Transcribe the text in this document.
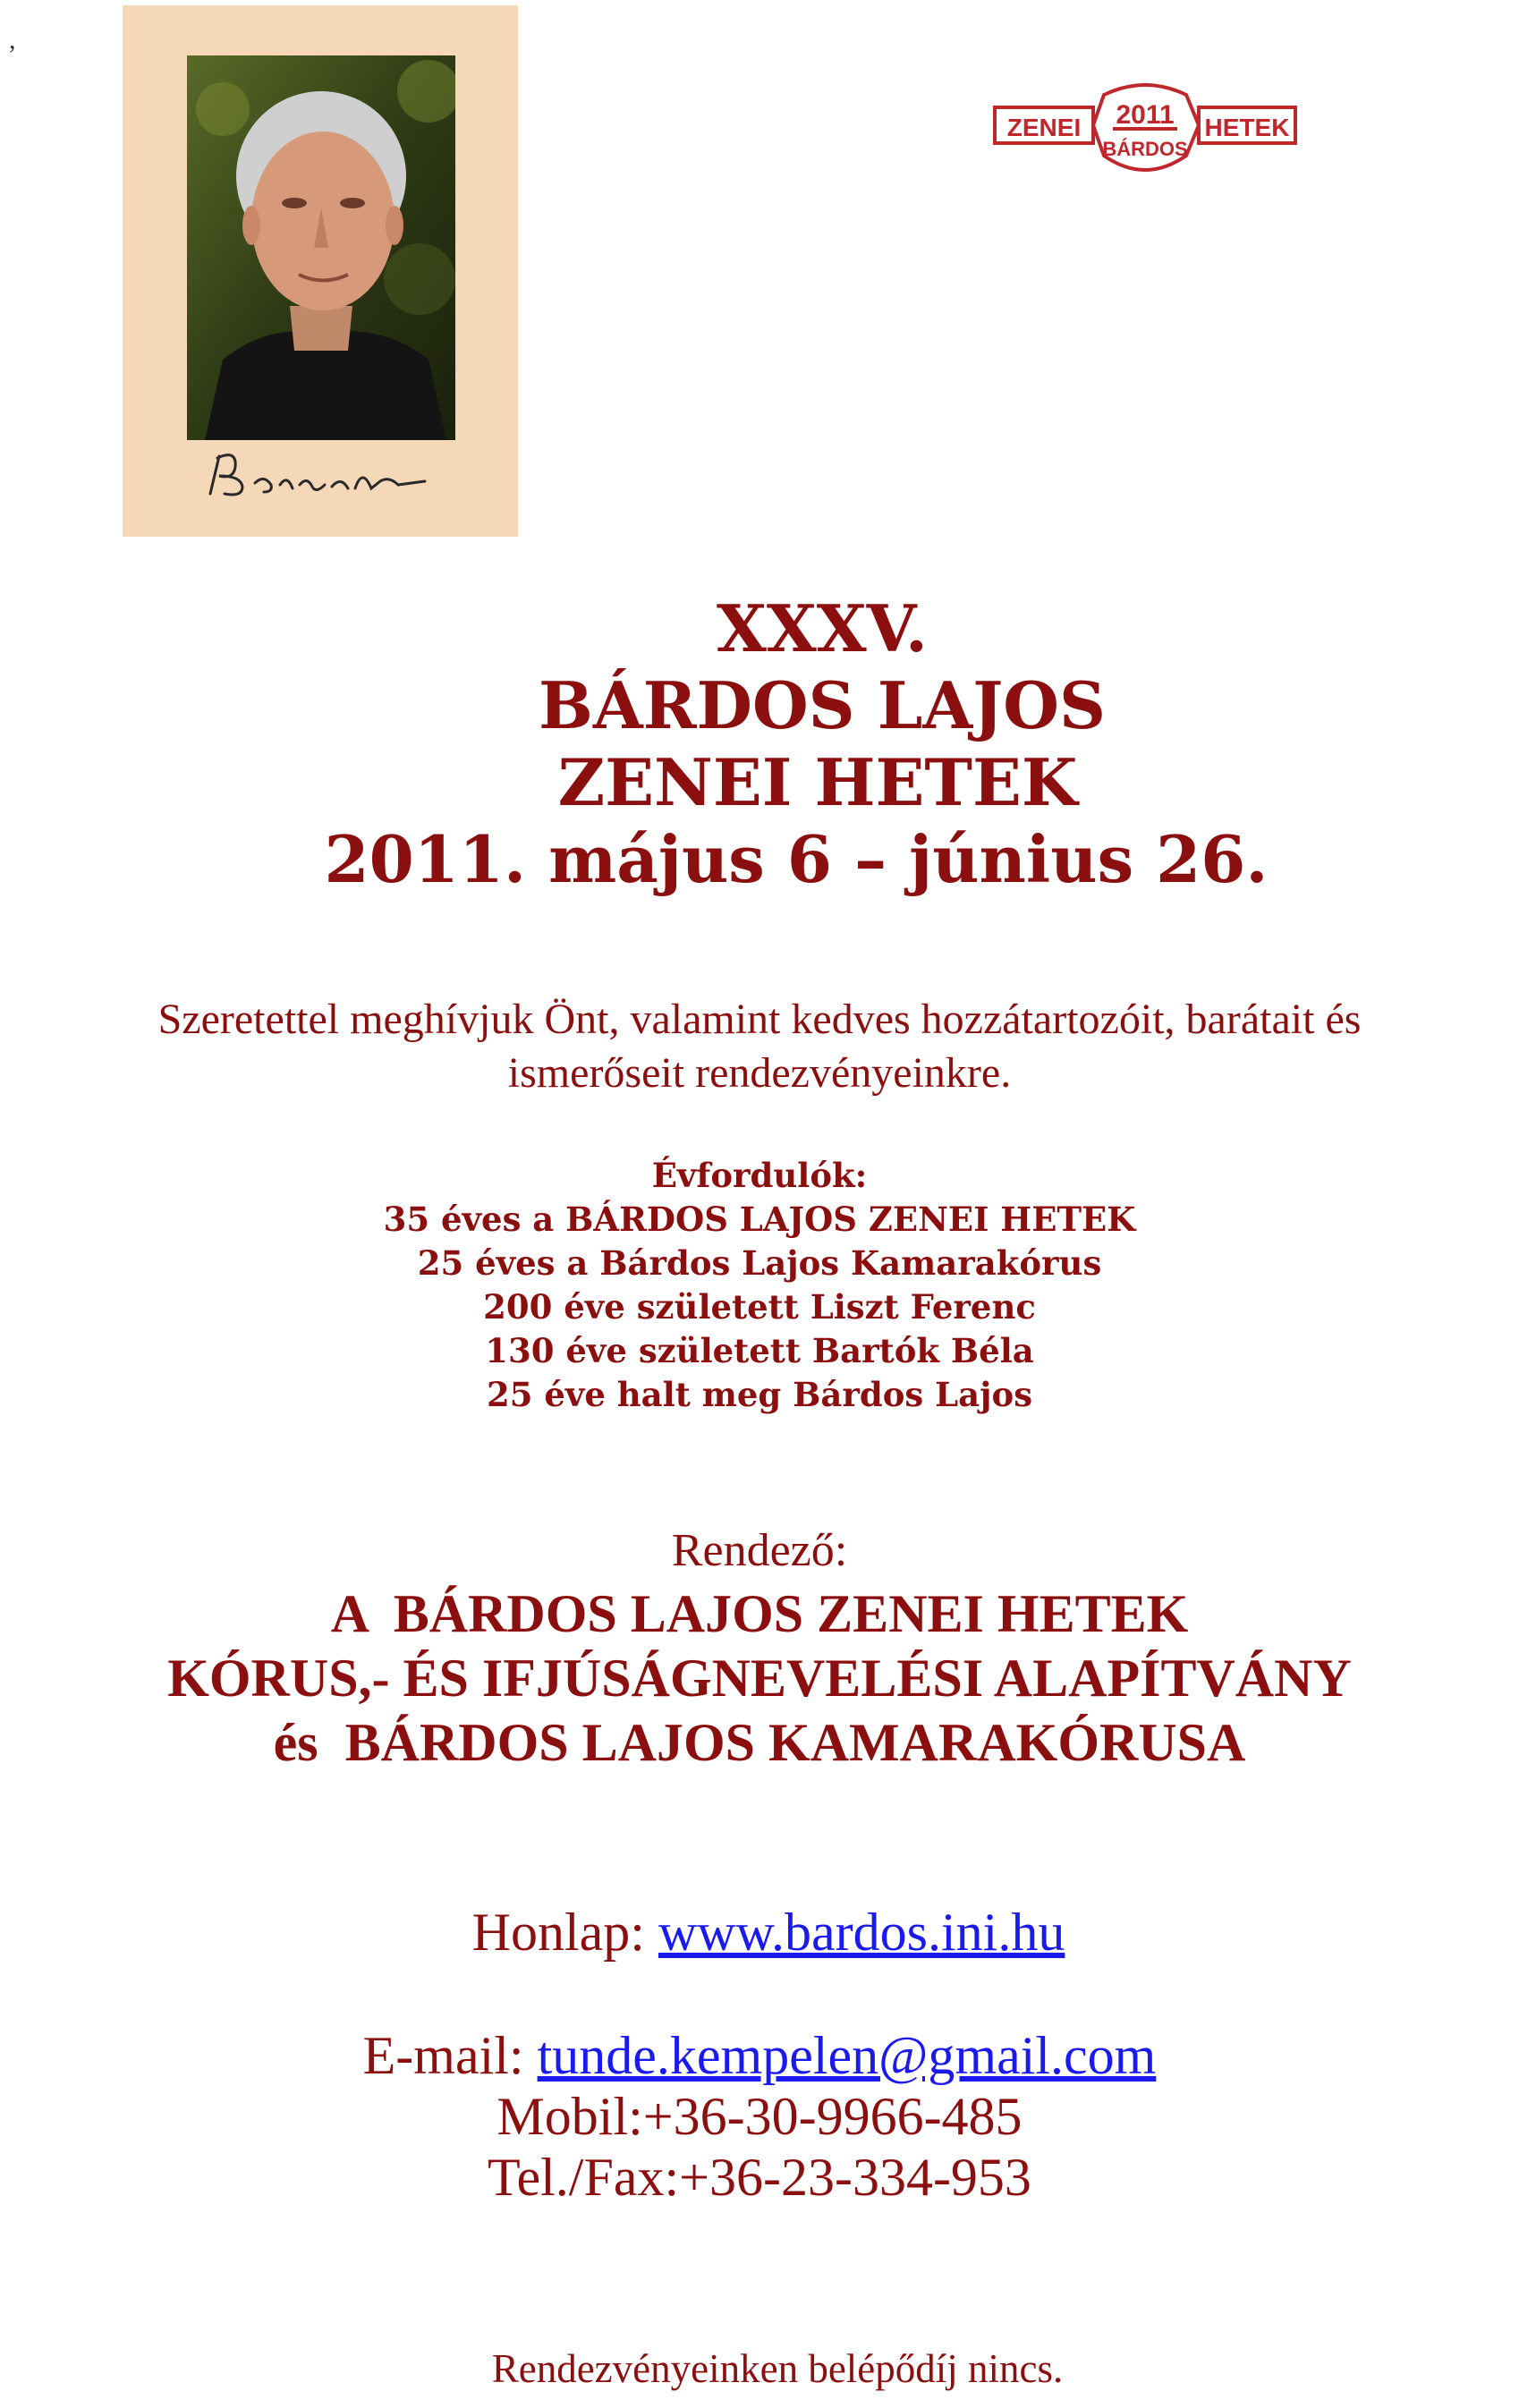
,
ZENEI 2011 HETEK
BÁRDOS
XXXV.
BÁRDOS LAJOS
ZENEI HETEK
2011. május 6 – június 26.
Szeretettel meghívjuk Önt, valamint kedves hozzátartozóit, barátait és
ismerőseit rendezvényeinkre.
Évfordulók:
35 éves a BÁRDOS LAJOS ZENEI HETEK
25 éves a Bárdos Lajos Kamarakórus
200 éve született Liszt Ferenc
130 éve született Bartók Béla
25 éve halt meg Bárdos Lajos
Rendező:
A  BÁRDOS LAJOS ZENEI HETEK
KÓRUS,- ÉS IFJÚSÁGNEVELÉSI ALAPÍTVÁNY
és  BÁRDOS LAJOS KAMARAKÓRUSA
Honlap: www.bardos.ini.hu
E-mail: tunde.kempelen@gmail.com
Mobil:+36-30-9966-485
Tel./Fax:+36-23-334-953
Rendezvényeinken belépődíj nincs.
